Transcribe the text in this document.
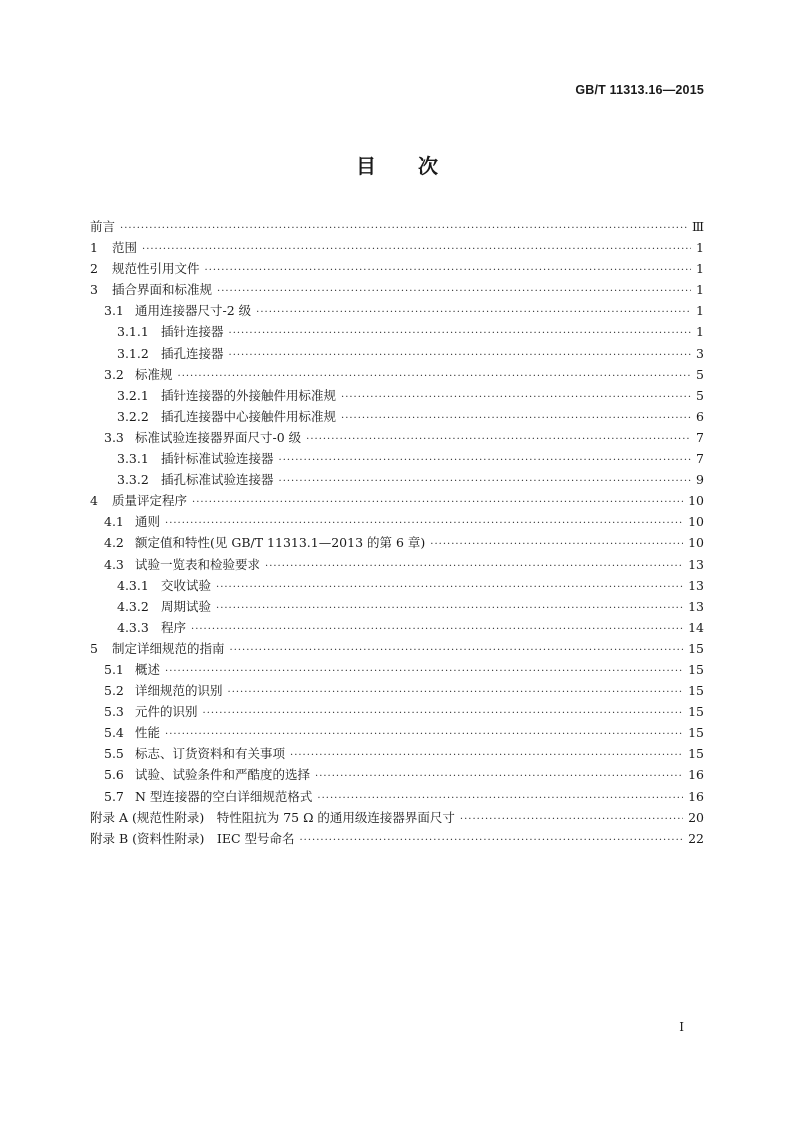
GB/T 11313.16—2015
目次
前言 ·····	Ⅲ
1	范围 ·····	1
2	规范性引用文件 ·····	1
3	插合界面和标准规 ·····	1
3.1 通用连接器尺寸-2 级 ·····	1
3.1.1 插针连接器 ·····	1
3.1.2 插孔连接器 ·····	3
3.2 标准规 ·····	5
3.2.1 插针连接器的外接触件用标准规 ·····	5
3.2.2 插孔连接器中心接触件用标准规 ·····	6
3.3 标准试验连接器界面尺寸-0 级 ·····	7
3.3.1 插针标准试验连接器 ·····	7
3.3.2 插孔标准试验连接器 ·····	9
4	质量评定程序 ·····	10
4.1 通则 ·····	10
4.2 额定值和特性(见 GB/T 11313.1—2013 的第 6 章) ·····	10
4.3 试验一览表和检验要求 ·····	13
4.3.1 交收试验 ·····	13
4.3.2 周期试验 ·····	13
4.3.3 程序 ·····	14
5	制定详细规范的指南 ·····	15
5.1 概述 ·····	15
5.2 详细规范的识别 ·····	15
5.3 元件的识别 ·····	15
5.4 性能 ·····	15
5.5 标志、订货资料和有关事项 ·····	15
5.6 试验、试验条件和严酷度的选择 ·····	16
5.7 N 型连接器的空白详细规范格式 ·····	16
附录 A (规范性附录)　特性阻抗为 75 Ω 的通用级连接器界面尺寸 ·····	20
附录 B (资料性附录)　IEC 型号命名 ·····	22
I
